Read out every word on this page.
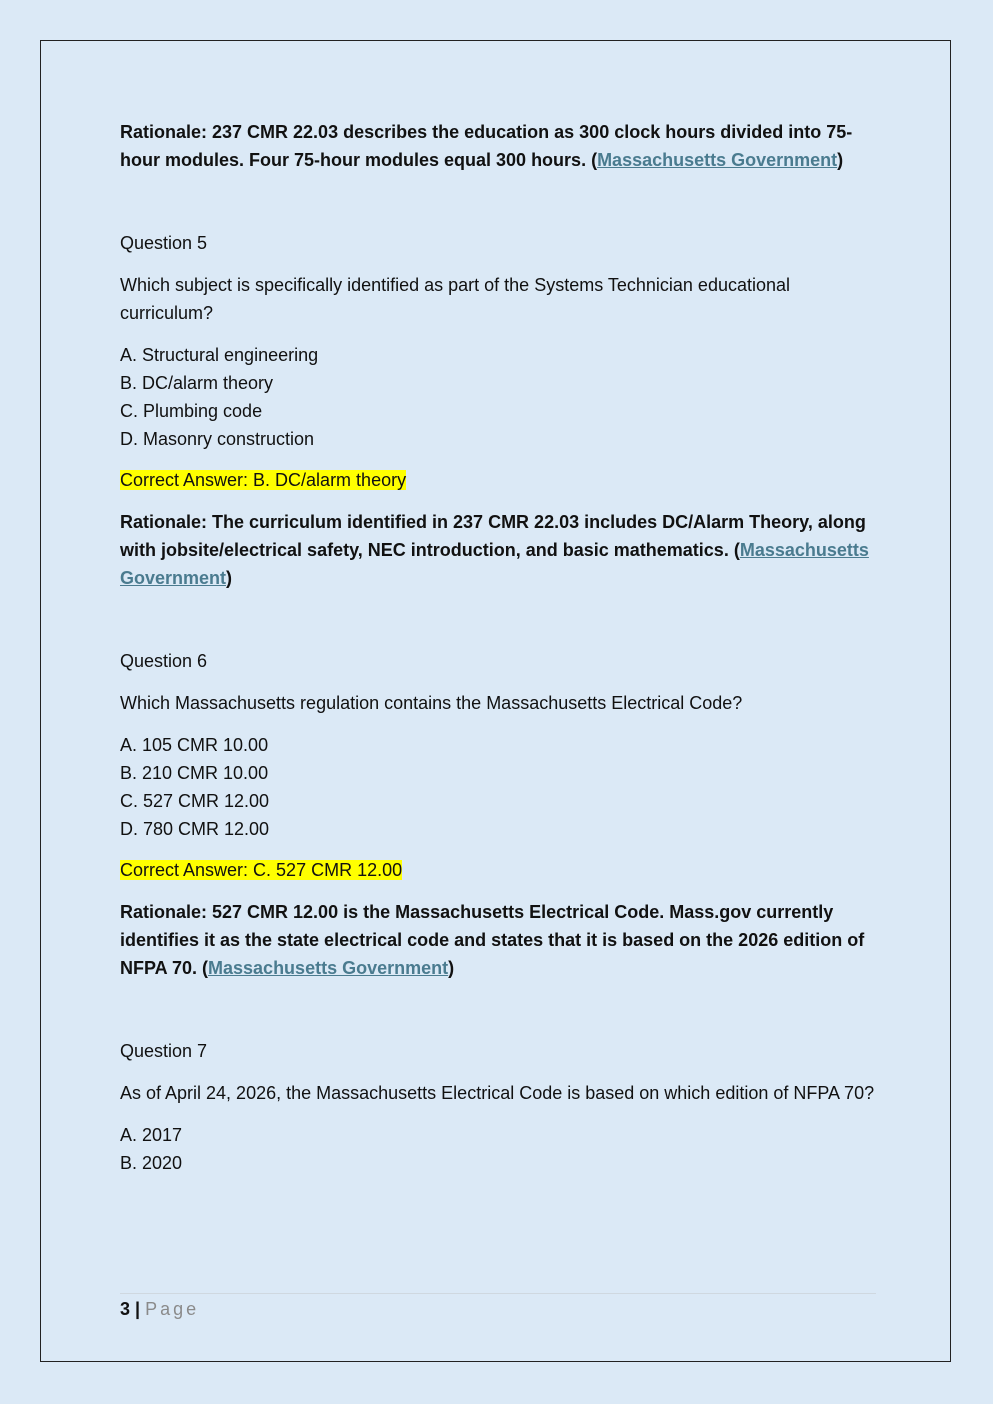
Rationale: 237 CMR 22.03 describes the education as 300 clock hours divided into 75-hour modules. Four 75-hour modules equal 300 hours. (Massachusetts Government)

Question 5

Which subject is specifically identified as part of the Systems Technician educational curriculum?

A. Structural engineering
B. DC/alarm theory
C. Plumbing code
D. Masonry construction

Correct Answer: B. DC/alarm theory

Rationale: The curriculum identified in 237 CMR 22.03 includes DC/Alarm Theory, along with jobsite/electrical safety, NEC introduction, and basic mathematics. (Massachusetts Government)

Question 6

Which Massachusetts regulation contains the Massachusetts Electrical Code?

A. 105 CMR 10.00
B. 210 CMR 10.00
C. 527 CMR 12.00
D. 780 CMR 12.00

Correct Answer: C. 527 CMR 12.00

Rationale: 527 CMR 12.00 is the Massachusetts Electrical Code. Mass.gov currently identifies it as the state electrical code and states that it is based on the 2026 edition of NFPA 70. (Massachusetts Government)

Question 7

As of April 24, 2026, the Massachusetts Electrical Code is based on which edition of NFPA 70?

A. 2017
B. 2020
3 | Page
